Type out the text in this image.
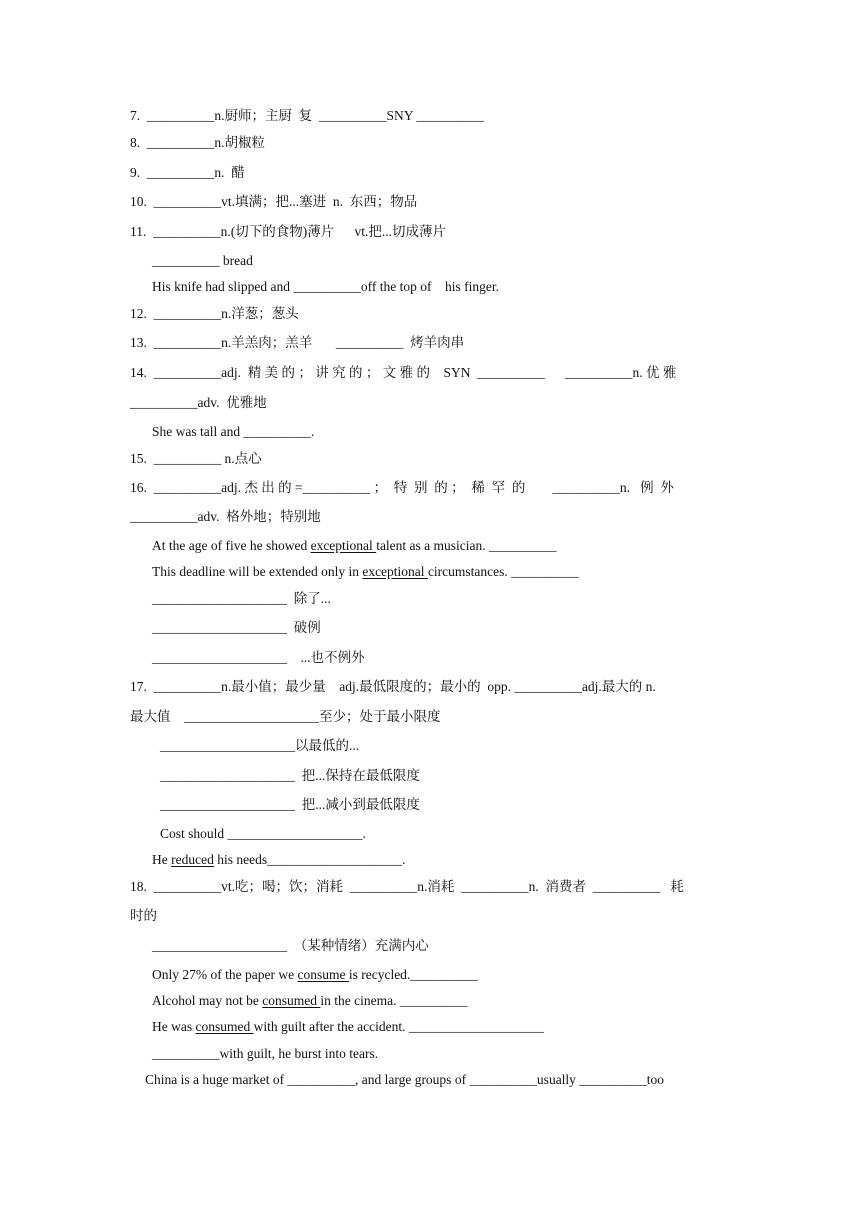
7.  __________n.厨师；主厨  复  __________SNY __________
8.  __________n.胡椒粒
9.  __________n.  醋
10.  __________vt.填满；把...塞进  n.  东西；物品
11.  __________n.(切下的食物)薄片      vt.把...切成薄片
__________ bread
His knife had slipped and __________off the top of    his finger.
12.  __________n.洋葱；葱头
13.  __________n.羊羔肉；羔羊       __________  烤羊肉串
14.  __________adj.  精 美 的 ； 讲 究 的 ； 文 雅 的    SYN  __________      __________n. 优 雅
__________adv.  优雅地
She was tall and __________.
15.  __________ n.点心
16.  __________adj. 杰 出 的 =__________ ；  特  别  的 ；  稀  罕  的        __________n.   例  外
__________adv.  格外地；特别地
At the age of five he showed exceptional talent as a musician. __________
This deadline will be extended only in exceptional circumstances. __________
____________________  除了...
____________________  破例
____________________    ...也不例外
17.  __________n.最小值；最少量    adj.最低限度的；最小的  opp. __________adj.最大的 n.
最大值    ____________________至少；处于最小限度
____________________以最低的...
____________________  把...保持在最低限度
____________________  把...减小到最低限度
Cost should ____________________.
He reduced his needs____________________.
18.  __________vt.吃；喝；饮；消耗  __________n.消耗  __________n.  消费者  __________   耗
时的
____________________  （某种情绪）充满内心
Only 27% of the paper we consume is recycled.__________
Alcohol may not be consumed in the cinema. __________
He was consumed with guilt after the accident. ____________________
__________with guilt, he burst into tears.
China is a huge market of __________, and large groups of __________usually __________too
